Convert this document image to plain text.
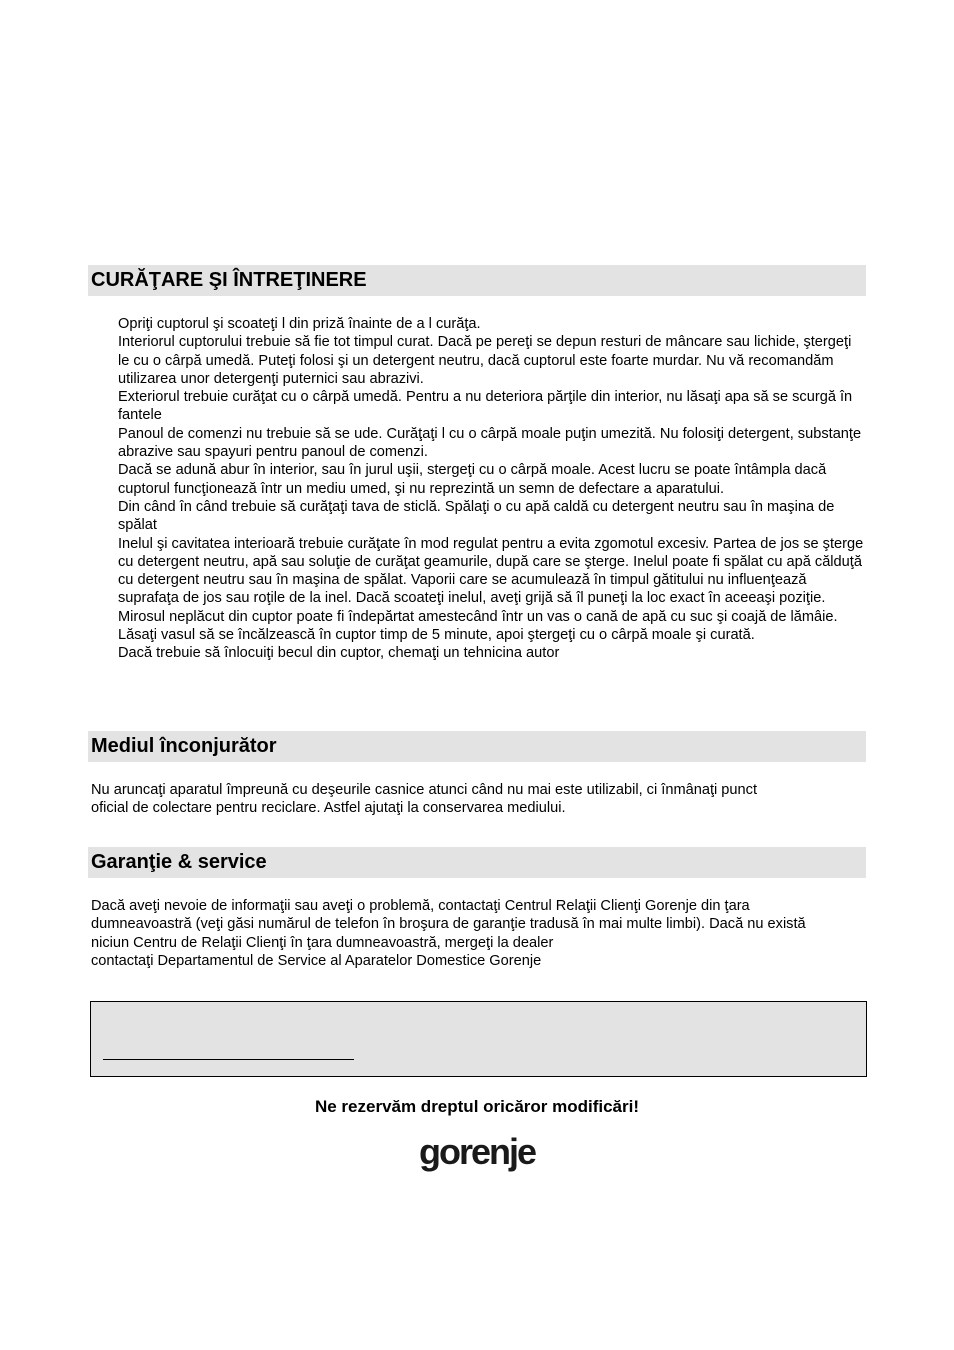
CURĂŢARE ŞI ÎNTREŢINERE

Opriţi cuptorul şi scoateţi l din priză înainte de a l curăţa.

Interiorul cuptorului trebuie să fie tot timpul curat. Dacă pe pereţi se depun resturi de mâncare sau lichide, ştergeţi le cu o cârpă umedă. Puteţi folosi şi un detergent neutru, dacă cuptorul este foarte murdar. Nu vă recomandăm utilizarea unor detergenţi puternici sau abrazivi.

Exteriorul trebuie curăţat cu o cârpă umedă. Pentru a nu deteriora părţile din interior, nu lăsaţi apa să se scurgă în fantele

Panoul de comenzi nu trebuie să se ude. Curăţaţi l cu o cârpă moale puţin umezită. Nu folosiţi detergent, substanţe abrazive sau spayuri pentru panoul de comenzi.

Dacă se adună abur în interior, sau în jurul uşii, stergeţi cu o cârpă moale. Acest lucru se poate întâmpla dacă cuptorul funcţionează într un mediu umed, şi nu reprezintă un semn de defectare a aparatului.

Din când în când trebuie să curăţaţi tava de sticlă. Spălaţi o cu apă caldă cu detergent neutru sau în maşina de spălat

Inelul şi cavitatea interioară trebuie curăţate în mod regulat pentru a evita zgomotul excesiv. Partea de jos se şterge cu detergent neutru, apă sau soluţie de curăţat geamurile, după care se şterge. Inelul poate fi spălat cu apă călduţă cu detergent neutru sau în maşina de spălat. Vaporii care se acumulează în timpul gătitului nu influenţează suprafaţa de jos sau roţile de la inel. Dacă scoateţi inelul, aveţi grijă să îl puneţi la loc exact în aceeaşi poziţie.

Mirosul neplăcut din cuptor poate fi îndepărtat amestecând într un vas o cană de apă cu suc şi coajă de lămâie. Lăsaţi vasul să se încălzească în cuptor timp de 5 minute, apoi ştergeţi cu o cârpă moale şi curată.

Dacă trebuie să înlocuiţi becul din cuptor, chemaţi un tehnicina autor

Mediul înconjurător

Nu aruncaţi aparatul împreună cu deşeurile casnice atunci când nu mai este utilizabil, ci înmânaţi punct oficial de colectare pentru reciclare. Astfel ajutaţi la conservarea mediului.

Garanţie & service

Dacă aveţi nevoie de informaţii sau aveţi o problemă, contactaţi Centrul Relaţii Clienţi Gorenje din ţara dumneavoastră (veţi găsi numărul de telefon în broşura de garanţie tradusă în mai multe limbi). Dacă nu există niciun Centru de Relaţii Clienţi în ţara dumneavoastră, mergeţi la dealer

contactaţi Departamentul de Service al Aparatelor Domestice Gorenje

Ne rezervăm dreptul oricăror modificări!
gorenje
